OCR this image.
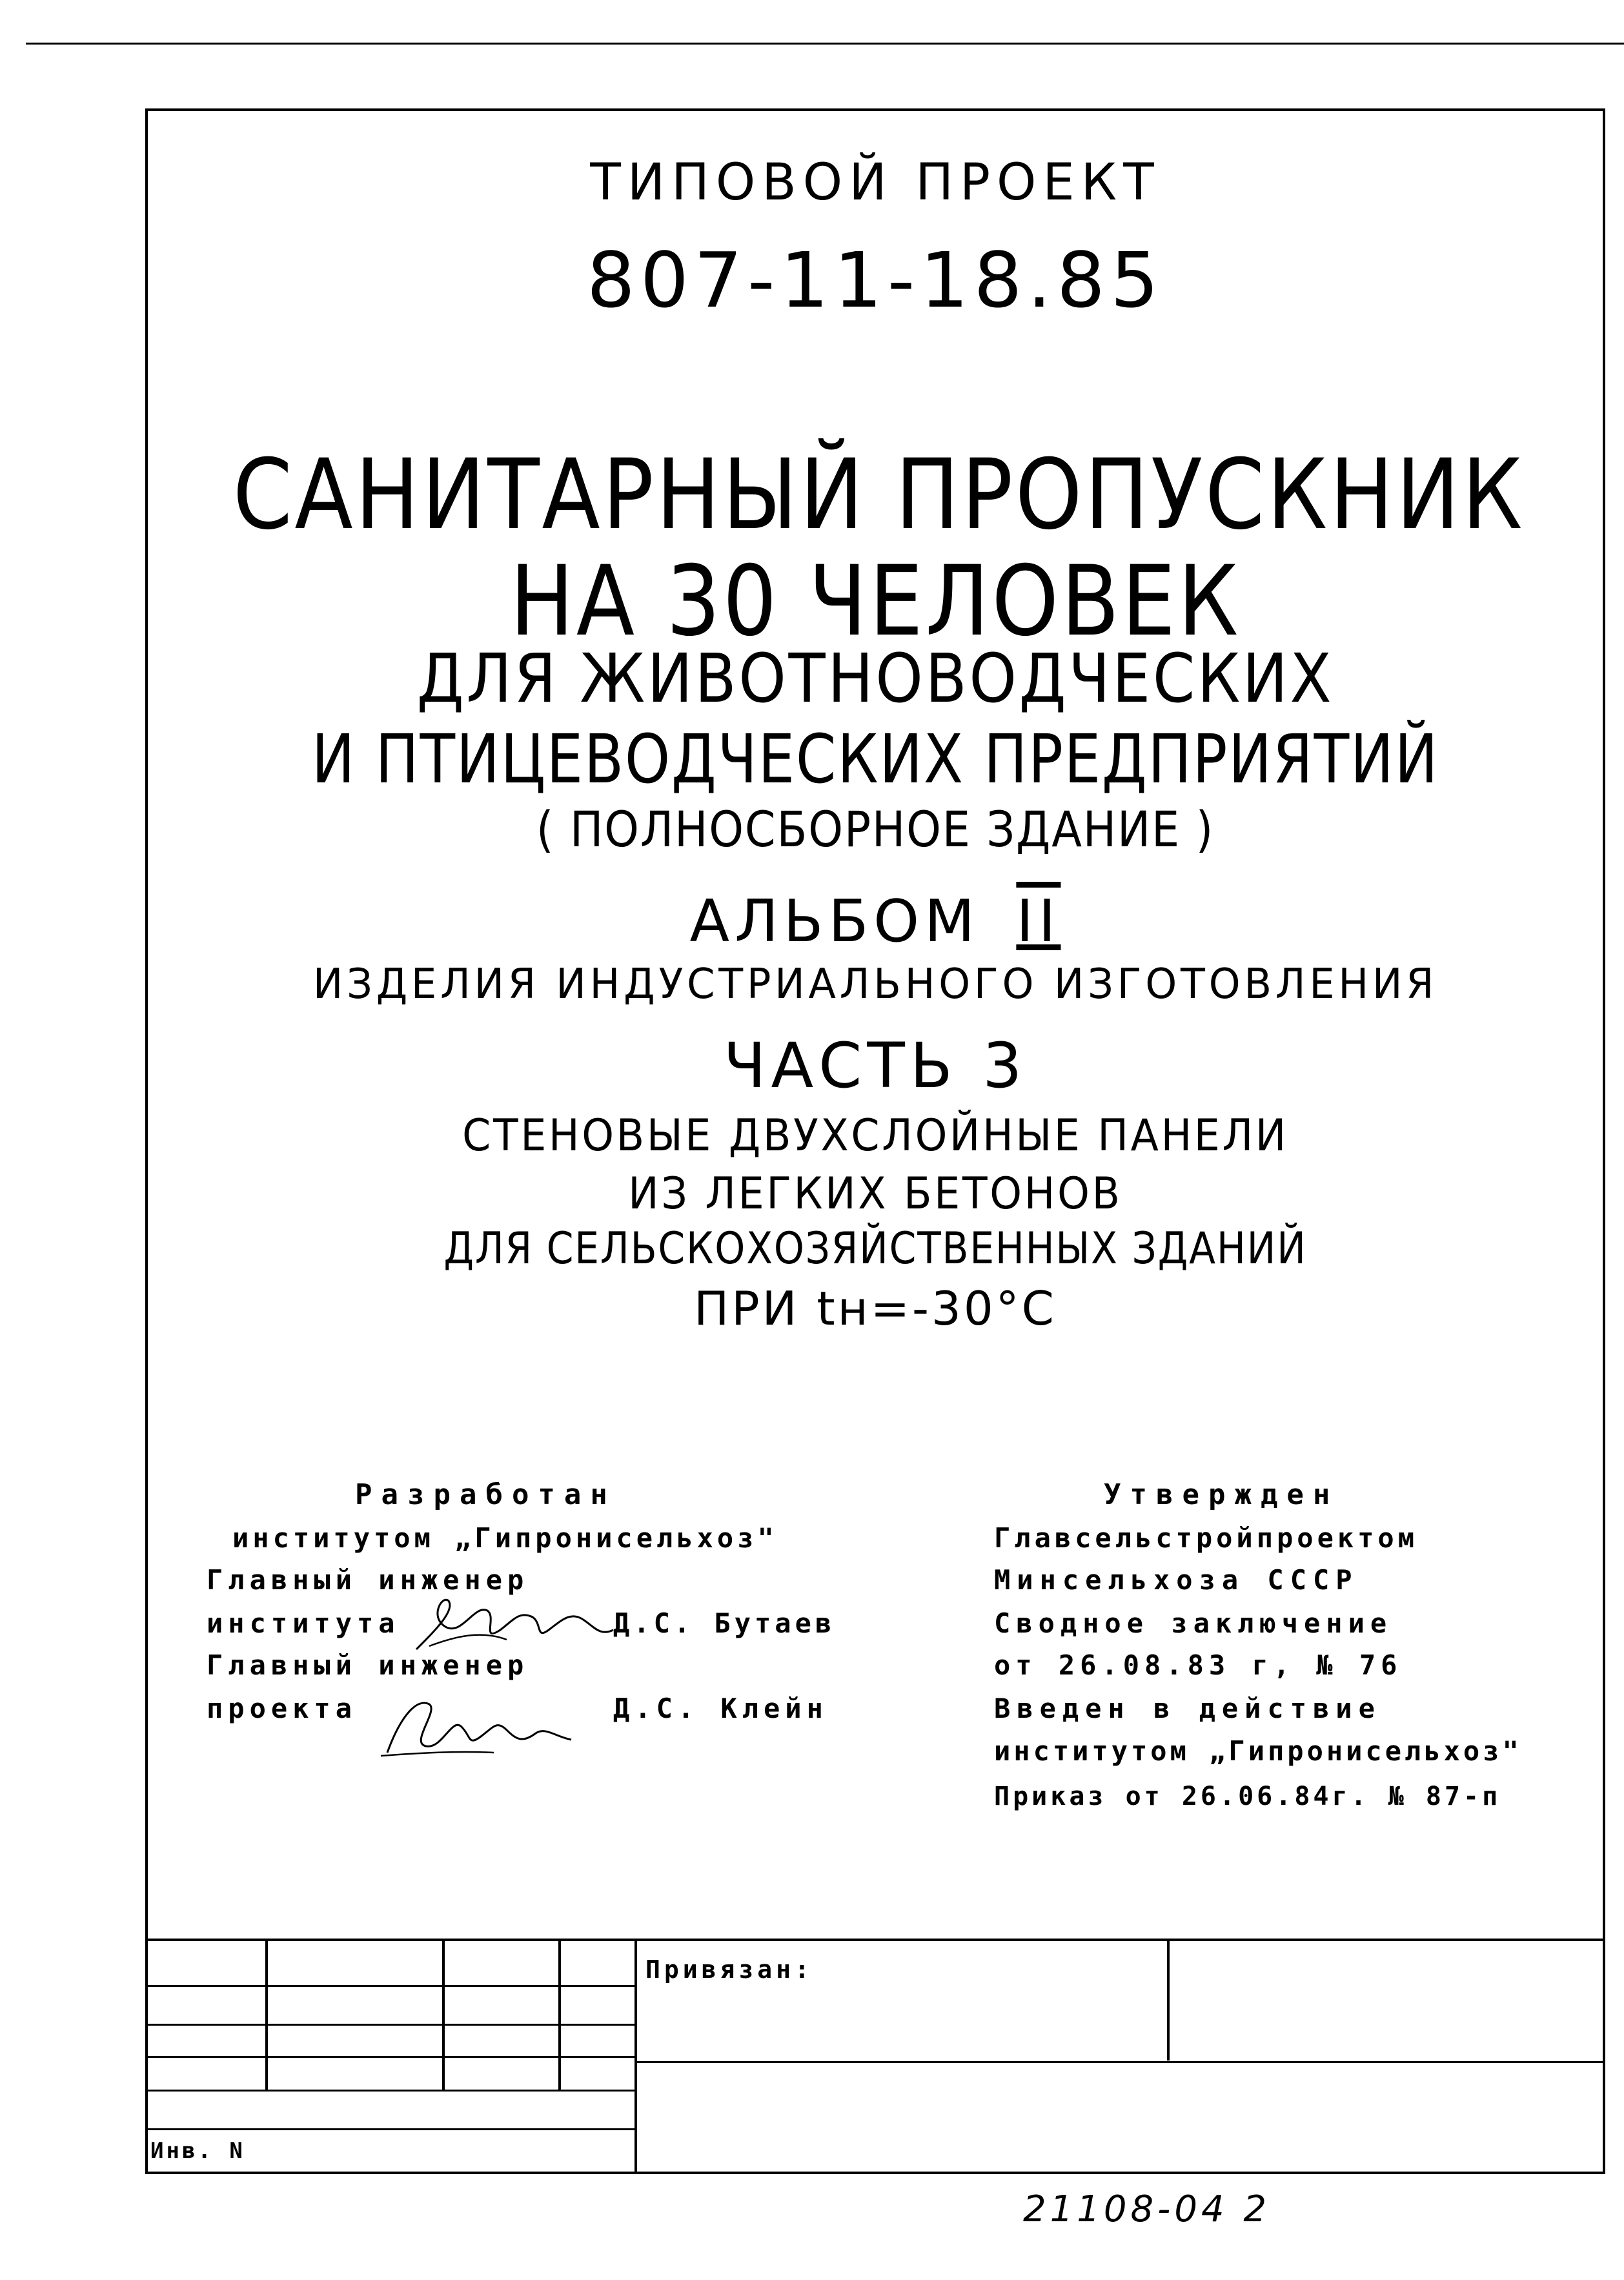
ТИПОВОЙ ПРОЕКТ
807-11-18.85
САНИТАРНЫЙ ПРОПУСКНИК
НА 30 ЧЕЛОВЕК
ДЛЯ ЖИВОТНОВОДЧЕСКИХ
И ПТИЦЕВОДЧЕСКИХ ПРЕДПРИЯТИЙ
( ПОЛНОСБОРНОЕ ЗДАНИЕ )
АЛЬБОМ II
ИЗДЕЛИЯ ИНДУСТРИАЛЬНОГО ИЗГОТОВЛЕНИЯ
ЧАСТЬ 3
СТЕНОВЫЕ ДВУХСЛОЙНЫЕ ПАНЕЛИ
ИЗ ЛЕГКИХ БЕТОНОВ
ДЛЯ СЕЛЬСКОХОЗЯЙСТВЕННЫХ ЗДАНИЙ
ПРИ tн=-30°С
Разработан
институтом „Гипронисельхоз"
Главный инженер
института	Д.С. Бутаев
Главный инженер
проекта	Д.С. Клейн
Утвержден
Главсельстройпроектом
Минсельхоза СССР
Сводное заключение
от 26.08.83 г, № 76
Введен в действие
институтом „Гипронисельхоз"
Приказ от 26.06.84г. № 87-п
Привязан:
Инв. N
21108-04 2
